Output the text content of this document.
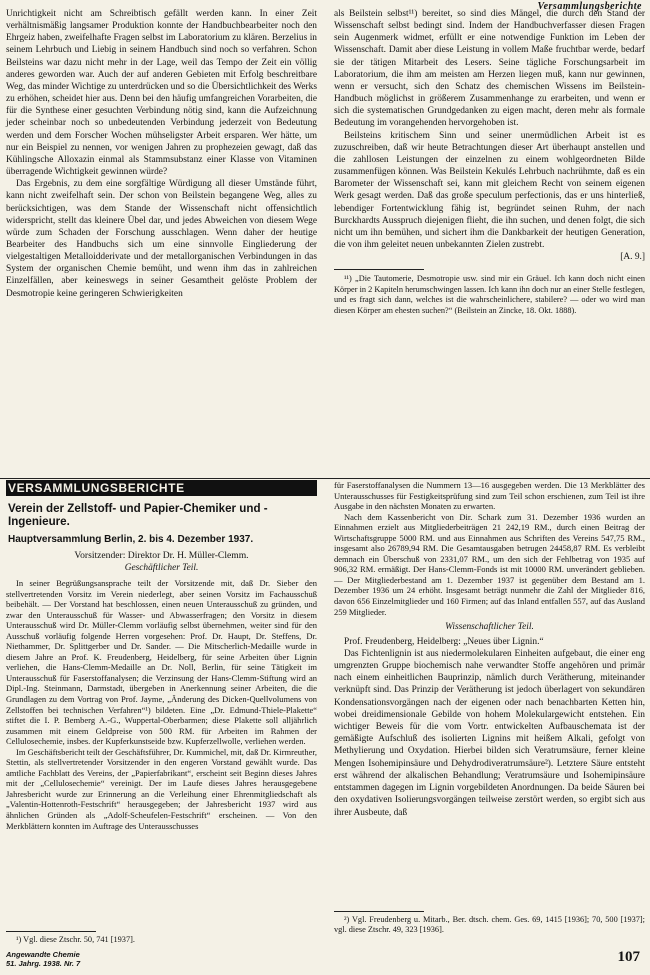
Versammlungsberichte

Unrichtigkeit nicht am Schreibtisch gefällt werden kann. In einer Zeit verhältnismäßig langsamer Produktion konnte der Handbuchbearbeiter noch den Ehrgeiz haben, zweifelhafte Fragen selbst im Laboratorium zu klären. Berzelius in seinem Lehrbuch und Liebig in seinem Handbuch sind noch so verfahren. Schon Beilsteins war dazu nicht mehr in der Lage, weil das Tempo der Zeit ein völlig anderes geworden war. Auch der auf anderen Gebieten mit Erfolg beschreitbare Weg, das minder Wichtige zu unterdrücken und so die Übersichtlichkeit des Werks zu erhöhen, scheidet hier aus. Denn bei den häufig umfangreichen Vorarbeiten, die für die Synthese einer gesuchten Verbindung nötig sind, kann die Aufzeichnung jeder scheinbar noch so unbedeutenden Verbindung jederzeit von Bedeutung werden und dem Forscher Wochen mühseligster Arbeit ersparen. Wer hätte, um nur ein Beispiel zu nennen, vor wenigen Jahren zu prophezeien gewagt, daß das Kühlingsche Alloxazin einmal als Stammsubstanz einer Klasse von Vitaminen überragende Wichtigkeit gewinnen würde?

Das Ergebnis, zu dem eine sorgfältige Würdigung all dieser Umstände führt, kann nicht zweifelhaft sein. Der schon von Beilstein begangene Weg, alles zu berücksichtigen, was dem Stande der Wissenschaft nicht offensichtlich widerspricht, stellt das kleinere Übel dar, und jedes Abweichen von diesem Wege würde zum Schaden der Forschung ausschlagen. Wenn daher der heutige Bearbeiter des Handbuchs sich um eine sinnvolle Eingliederung der vielgestaltigen Metalloidderivate und der metallorganischen Verbindungen in das System der organischen Chemie bemüht, und wenn ihm das in zahlreichen Einzelfällen, aber keineswegs in seiner Gesamtheit gelöste Problem der Desmotropie keine geringeren Schwierigkeiten

als Beilstein selbst¹¹) bereitet, so sind dies Mängel, die durch den Stand der Wissenschaft selbst bedingt sind. Indem der Handbuchverfasser diesen Fragen sein Augenmerk widmet, erfüllt er eine notwendige Funktion im Leben der Wissenschaft. Damit aber diese Leistung in vollem Maße fruchtbar werde, bedarf sie der tätigen Mitarbeit des Lesers. Seine tägliche Forschungsarbeit im Laboratorium, die ihm am meisten am Herzen liegen muß, kann nur gewinnen, wenn er versucht, sich den Schatz des chemischen Wissens im Beilstein-Handbuch möglichst in größerem Zusammenhange zu erarbeiten, und wenn er sich die systematischen Grundgedanken zu eigen macht, deren mehr als formale Bedeutung im vorangehenden hervorgehoben ist.

Beilsteins kritischem Sinn und seiner unermüdlichen Arbeit ist es zuzuschreiben, daß wir heute Betrachtungen dieser Art überhaupt anstellen und die zahllosen Leistungen der einzelnen zu einem wohlgeordneten Bilde zusammenfügen können. Was Beilstein Kekulés Lehrbuch nachrühmte, daß es ein Barometer der Wissenschaft sei, kann mit gleichem Recht von seinem eigenen Werk gesagt werden. Daß das große speculum perfectionis, das er uns hinterließ, lebendiger Fortentwicklung fähig ist, begründet seinen Ruhm, der nach Burckhardts Ausspruch diejenigen flieht, die ihn suchen, und denen folgt, die sich nicht um ihn bemühen, und sichert ihm die Dankbarkeit der heutigen Generation, die von ihm geleitet neuen unbekannten Zielen zustrebt.

[A. 9.]

¹¹) „Die Tautomerie, Desmotropie usw. sind mir ein Gräuel. Ich kann doch nicht einen Körper in 2 Kapiteln herumschwingen lassen. Ich kann ihn doch nur an einer Stelle festlegen, und es fragt sich dann, welches ist die wahrscheinlichere, stabilere? — oder wo wird man diesen Körper am ehesten suchen?“ (Beilstein an Zincke, 18. Okt. 1888).

VERSAMMLUNGSBERICHTE
Verein der Zellstoff- und Papier-Chemiker und -Ingenieure.
Hauptversammlung Berlin, 2. bis 4. Dezember 1937.
Vorsitzender: Direktor Dr. H. Müller-Clemm.
Geschäftlicher Teil.

In seiner Begrüßungsansprache teilt der Vorsitzende mit, daß Dr. Sieber den stellvertretenden Vorsitz im Verein niederlegt, aber seinen Vorsitz im Fachausschuß beibehält. — Der Vorstand hat beschlossen, einen neuen Unterausschuß zu gründen, und zwar den Unterausschuß für Wasser- und Abwasserfragen; den Vorsitz in diesem Unterausschuß wird Dr. Müller-Clemm vorläufig selbst übernehmen, weiter sind für den Ausschuß vorläufig folgende Herren vorgesehen: Prof. Dr. Haupt, Dr. Steffens, Dr. Niethammer, Dr. Splittgerber und Dr. Sander. — Die Mitscherlich-Medaille wurde in diesem Jahre an Prof. K. Freudenberg, Heidelberg, für seine Arbeiten über Lignin verliehen, die Hans-Clemm-Medaille an Dr. Noll, Berlin, für seine Tätigkeit im Unterausschuß für Faserstoffanalysen; die Verzinsung der Hans-Clemm-Stiftung wird an Dipl.-Ing. Steinmann, Darmstadt, übergeben in Anerkennung seiner Arbeiten, die die Grundlagen zu dem Vortrag von Prof. Jayme, „Änderung des Dicken-Quellvolumens von Zellstoffen bei technischen Verfahren“¹) bildeten. Eine „Dr. Edmund-Thiele-Plakette“ stiftet die I. P. Bemberg A.-G., Wuppertal-Oberbarmen; diese Plakette soll alljährlich zusammen mit einem Geldpreise von 500 RM. für Arbeiten im Rahmen der Cellulosechemie, insbes. der Kupferkunstseide bzw. Kupferzellwolle, verliehen werden.

Im Geschäftsbericht teilt der Geschäftsführer, Dr. Kummichel, mit, daß Dr. Kirmreuther, Stettin, als stellvertretender Vorsitzender in den engeren Vorstand gewählt wurde. Das amtliche Fachblatt des Vereins, der „Papierfabrikant“, erscheint seit Beginn dieses Jahres mit der „Cellulosechemie“ vereinigt. Der im Laufe dieses Jahres herausgegebene Jahresbericht wurde zur Erinnerung an die Verleihung einer Ehrenmitgliedschaft als „Valentin-Hottenroth-Festschrift“ herausgegeben; der Jahresbericht 1937 wird aus ähnlichen Gründen als „Adolf-Scheufelen-Festschrift“ erscheinen. — Von den Merkblättern konnten im Auftrage des Unterausschusses

für Faserstoffanalysen die Nummern 13—16 ausgegeben werden. Die 13 Merkblätter des Unterausschusses für Festigkeitsprüfung sind zum Teil schon erschienen, zum Teil ist ihre Ausgabe in den nächsten Monaten zu erwarten.

Nach dem Kassenbericht von Dir. Schark zum 31. Dezember 1936 wurden an Einnahmen erzielt aus Mitgliederbeiträgen 21 242,19 RM., durch einen Beitrag der Wirtschaftsgruppe 5000 RM. und aus Einnahmen aus Schriften des Vereins 547,75 RM., insgesamt also 26789,94 RM. Die Gesamtausgaben betrugen 24458,87 RM. Es verbleibt demnach ein Überschuß von 2331,07 RM., um den sich der Fehlbetrag von 1935 auf 906,32 RM. ermäßigt. Der Hans-Clemm-Fonds ist mit 10000 RM. unverändert geblieben. — Der Mitgliederbestand am 1. Dezember 1937 ist gegenüber dem Bestand am 1. Dezember 1936 um 24 erhöht. Insgesamt beträgt nunmehr die Zahl der Mitglieder 816, davon 656 Einzelmitglieder und 160 Firmen; auf das Inland entfallen 557, auf das Ausland 259 Mitglieder.

Wissenschaftlicher Teil.

Prof. Freudenberg, Heidelberg: „Neues über Lignin.“

Das Fichtenlignin ist aus niedermolekularen Einheiten aufgebaut, die einer eng umgrenzten Gruppe biochemisch nahe verwandter Stoffe angehören und primär nach einem einheitlichen Bauprinzip, nämlich durch Verätherung, miteinander verknüpft sind. Das Prinzip der Verätherung ist jedoch überlagert von sekundären Kondensationsvorgängen nach der eigenen oder nach benachbarten Ketten hin, wobei dreidimensionale Gebilde von hohem Molekulargewicht entstehen. Ein wichtiger Beweis für die vom Vortr. entwickelten Aufbauschemata ist der gemäßigte Aufschluß des isolierten Lignins mit heißem Alkali, gefolgt von Methylierung und Oxydation. Hierbei bilden sich Veratrumsäure, ferner kleine Mengen Isohemipinsäure und Dehydrodiveratrumsäure²). Letztere Säure entsteht erst während der alkalischen Behandlung; Veratrumsäure und Isohemipinsäure entstammen dagegen im Lignin vorgebildeten Anordnungen. Da beide Säuren bei den oxydativen Isolierungsvorgängen teilweise zerstört werden, so ergibt sich aus ihrer Ausbeute, daß

¹) Vgl. diese Ztschr. 50, 741 [1937].

²) Vgl. Freudenberg u. Mitarb., Ber. dtsch. chem. Ges. 69, 1415 [1936]; 70, 500 [1937]; vgl. diese Ztschr. 49, 323 [1936].

Angewandte Chemie
51. Jahrg. 1938. Nr. 7	107
